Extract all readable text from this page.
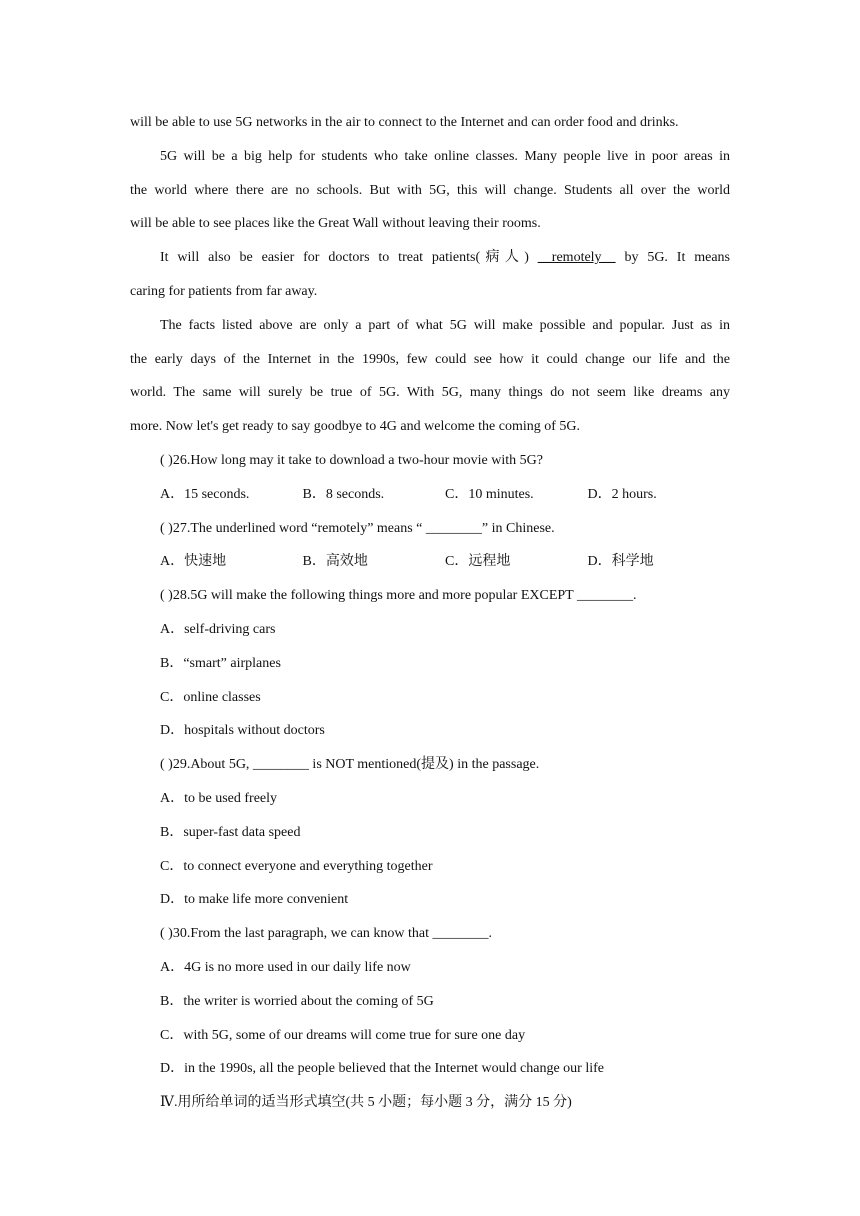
will be able to use 5G networks in the air to connect to the Internet and can order food and drinks.
5G will be a big help for students who take online classes. Many people live in poor areas in
the world where there are no schools. But with 5G, this will change. Students all over the world
will be able to see places like the Great Wall without leaving their rooms.
It will also be easier for doctors to treat patients(病人) __remotely__ by 5G. It means
caring for patients from far away.
The facts listed above are only a part of what 5G will make possible and popular. Just as in
the early days of the Internet in the 1990s, few could see how it could change our life and the
world. The same will surely be true of 5G. With 5G, many things do not seem like dreams any
more. Now let's get ready to say goodbye to 4G and welcome the coming of 5G.
( )26.How long may it take to download a two-hour movie with 5G?
A．15 seconds.	B．8 seconds.	C．10 minutes.	D．2 hours.
( )27.The underlined word “remotely” means “ ________” in Chinese.
A．快速地	B．高效地	C．远程地	D．科学地
( )28.5G will make the following things more and more popular EXCEPT ________.
A．self-driving cars
B．“smart” airplanes
C．online classes
D．hospitals without doctors
( )29.About 5G, ________ is NOT mentioned(提及) in the passage.
A．to be used freely
B．super-fast data speed
C．to connect everyone and everything together
D．to make life more convenient
( )30.From the last paragraph, we can know that ________.
A．4G is no more used in our daily life now
B．the writer is worried about the coming of 5G
C．with 5G, some of our dreams will come true for sure one day
D．in the 1990s, all the people believed that the Internet would change our life
Ⅳ.用所给单词的适当形式填空(共 5 小题；每小题 3 分，满分 15 分)
